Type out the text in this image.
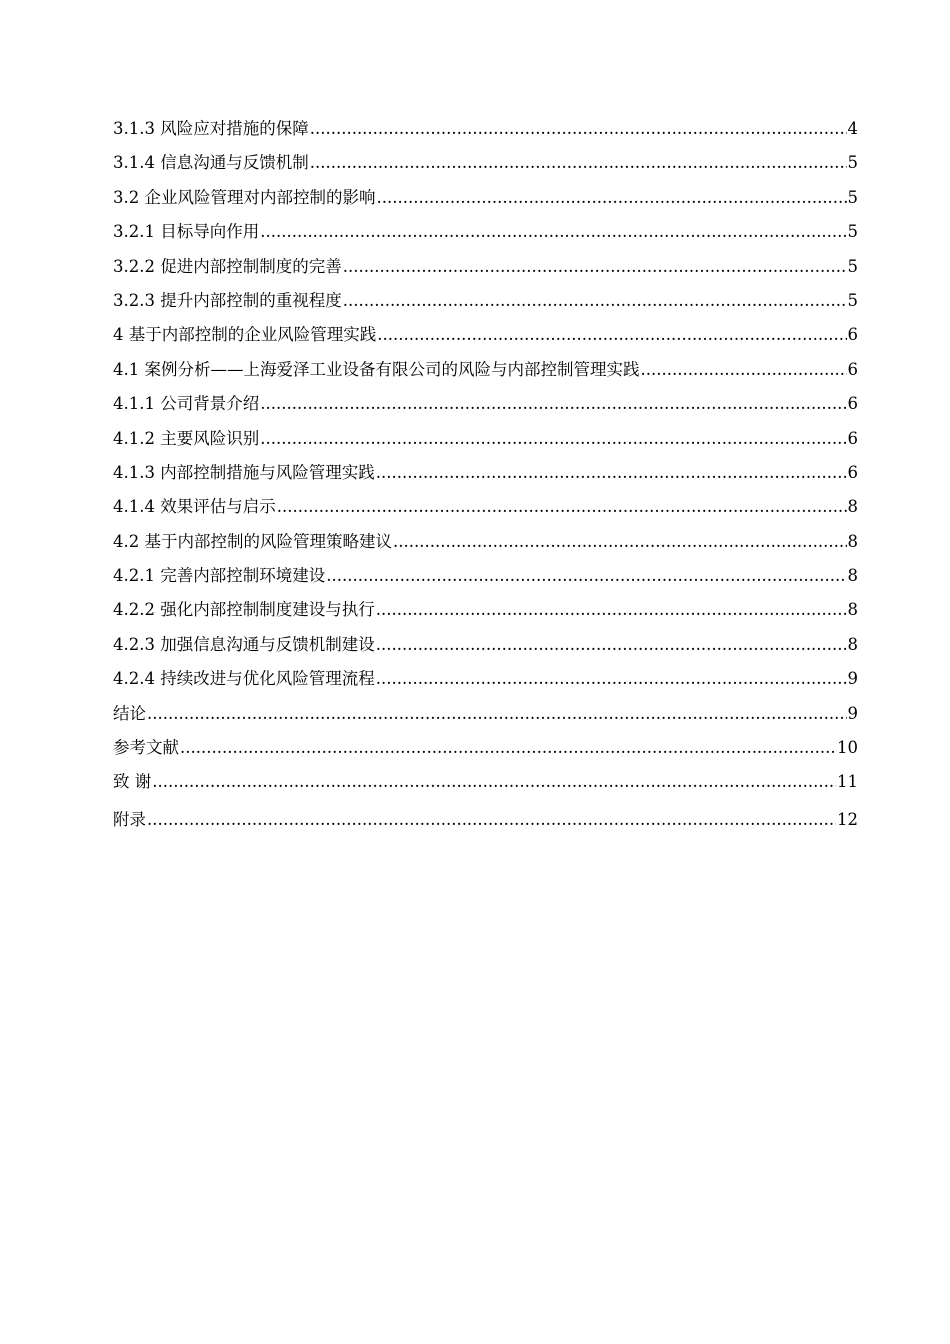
3.1.3 风险应对措施的保障 .....	4
3.1.4 信息沟通与反馈机制 .....	5
3.2 企业风险管理对内部控制的影响 .....	5
3.2.1 目标导向作用 .....	5
3.2.2 促进内部控制制度的完善 .....	5
3.2.3 提升内部控制的重视程度 .....	5
4 基于内部控制的企业风险管理实践 .....	6
4.1 案例分析——上海爱泽工业设备有限公司的风险与内部控制管理实践 .....	6
4.1.1 公司背景介绍 .....	6
4.1.2 主要风险识别 .....	6
4.1.3 内部控制措施与风险管理实践 .....	6
4.1.4 效果评估与启示 .....	8
4.2 基于内部控制的风险管理策略建议 .....	8
4.2.1 完善内部控制环境建设 .....	8
4.2.2 强化内部控制制度建设与执行 .....	8
4.2.3 加强信息沟通与反馈机制建设 .....	8
4.2.4 持续改进与优化风险管理流程 .....	9
结论 .....	9
参考文献 .....	10
致 谢 .....	11
附录 .....	12
